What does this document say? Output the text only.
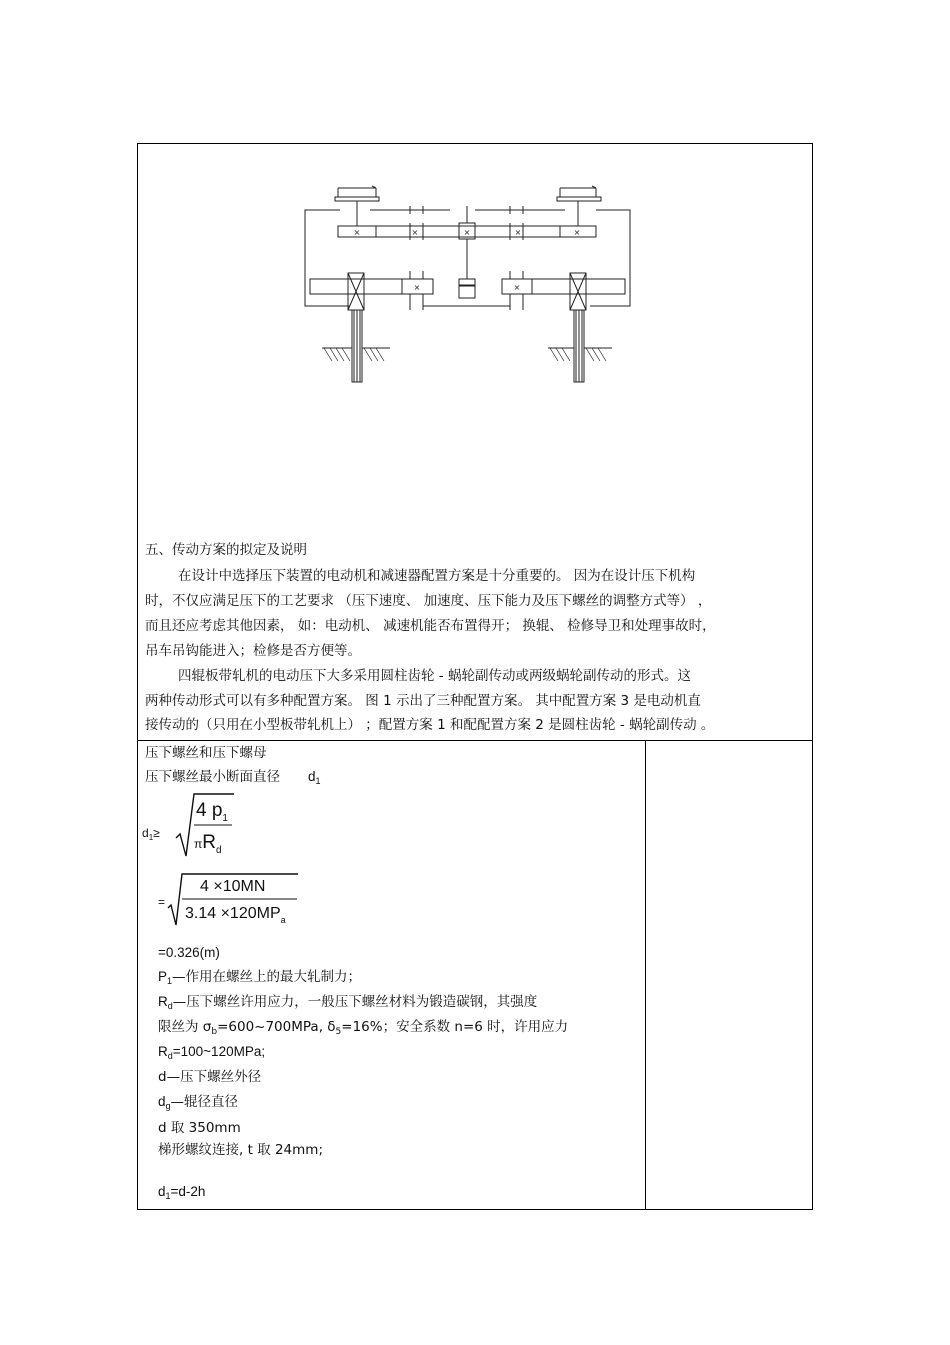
×	×	×	×	×
×	×
五、传动方案的拟定及说明
在设计中选择压下装置的电动机和减速器配置方案是十分重要的。 因为在设计压下机构
时，不仅应满足压下的工艺要求 （压下速度、 加速度、压下能力及压下螺丝的调整方式等） ，
而且还应考虑其他因素， 如：电动机、 减速机能否布置得开； 换辊、 检修导卫和处理事故时，
吊车吊钩能进入；检修是否方便等。
四辊板带轧机的电动压下大多采用圆柱齿轮 - 蜗轮副传动或两级蜗轮副传动的形式。这
两种传动形式可以有多种配置方案。 图 1 示出了三种配置方案。 其中配置方案 3 是电动机直
接传动的（只用在小型板带轧机上） ；配置方案 1 和配配置方案 2 是圆柱齿轮 - 蜗轮副传动 。
压下螺丝和压下螺母
压下螺丝最小断面直径 $d_1$
$d_1\ge$
4 $p_1$
$\pi R_d$
=
4 ×10MN
$3.14 \times 120MP_a$
=0.326(m)
$P_1—$作用在螺丝上的最大轧制力；
$R_d—$压下螺丝许用应力，一般压下螺丝材料为锻造碳钢，其强度
限丝为 $\sigma_b=600\sim 700MPa$, $\delta_5=16\%$；安全系数 n=6 时，许用应力
$R_d=100\sim 120MPa$;
d—压下螺丝外径
$d_g—$辊径直径
d 取 350mm
梯形螺纹连接, t 取 24mm;
$d_1=d-2h$
